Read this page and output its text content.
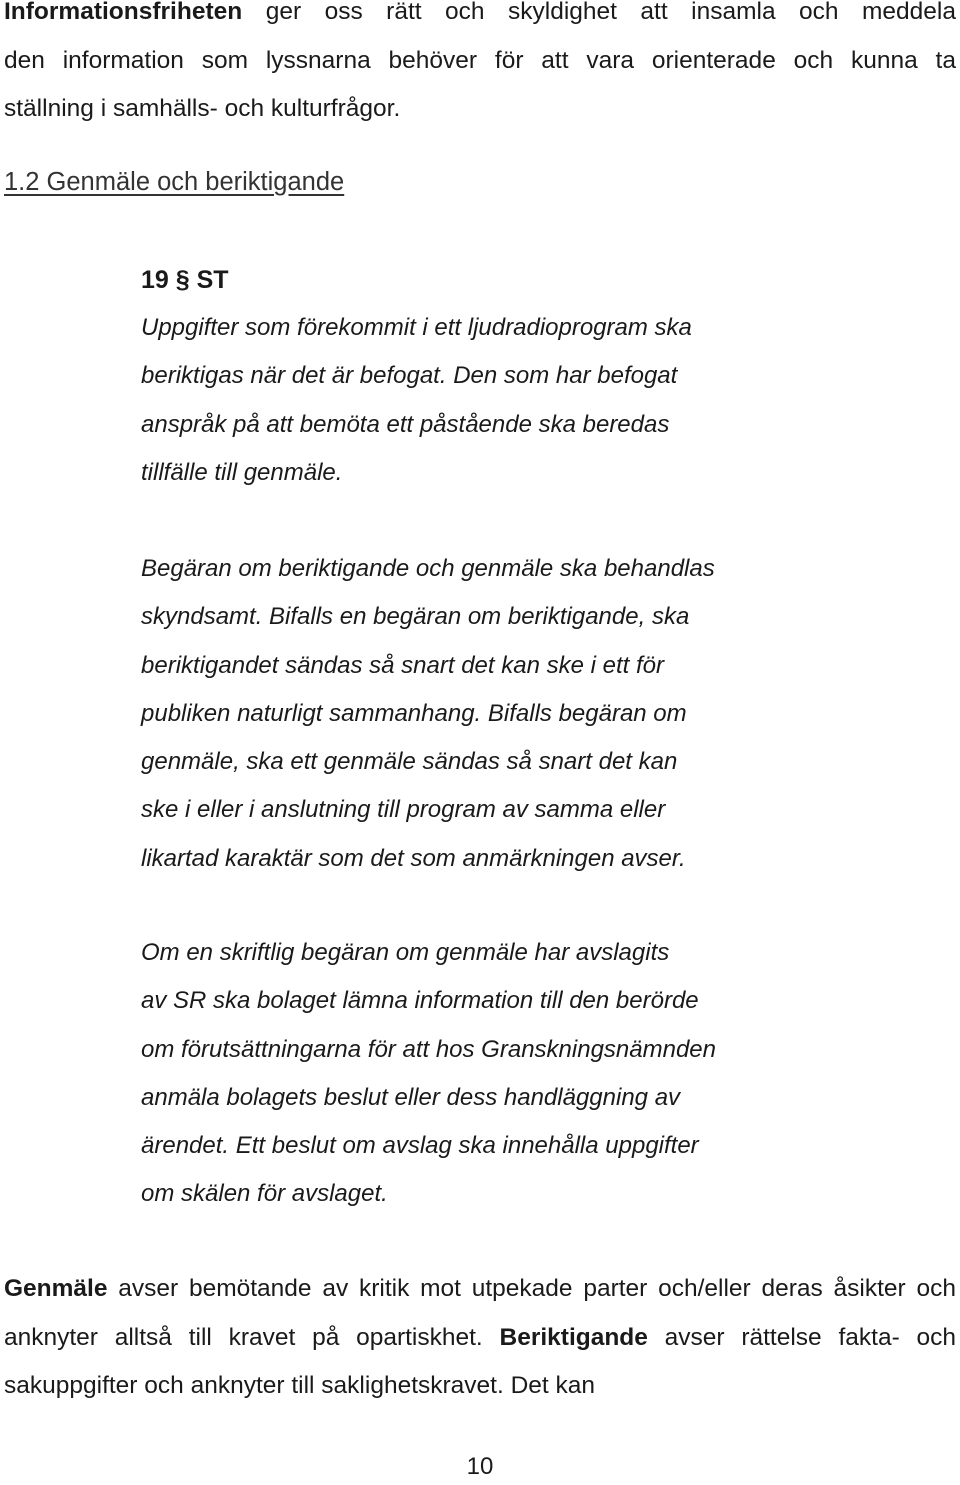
Informationsfriheten ger oss rätt och skyldighet att insamla och meddela
den information som lyssnarna behöver för att vara orienterade och kunna ta
ställning i samhälls- och kulturfrågor.
1.2 Genmäle och beriktigande
19 § ST
Uppgifter som förekommit i ett ljudradioprogram ska
beriktigas när det är befogat. Den som har befogat
anspråk på att bemöta ett påstående ska beredas
tillfälle till genmäle.
Begäran om beriktigande och genmäle ska behandlas
skyndsamt. Bifalls en begäran om beriktigande, ska
beriktigandet sändas så snart det kan ske i ett för
publiken naturligt sammanhang. Bifalls begäran om
genmäle, ska ett genmäle sändas så snart det kan
ske i eller i anslutning till program av samma eller
likartad karaktär som det som anmärkningen avser.
Om en skriftlig begäran om genmäle har avslagits
av SR ska bolaget lämna information till den berörde
om förutsättningarna för att hos Granskningsnämnden
anmäla bolagets beslut eller dess handläggning av
ärendet. Ett beslut om avslag ska innehålla uppgifter
om skälen för avslaget.

Genmäle avser bemötande av kritik mot utpekade parter och/eller deras åsikter och anknyter alltså till kravet på opartiskhet. Beriktigande avser rättelse fakta- och sakuppgifter och anknyter till saklighetskravet. Det kan

10
